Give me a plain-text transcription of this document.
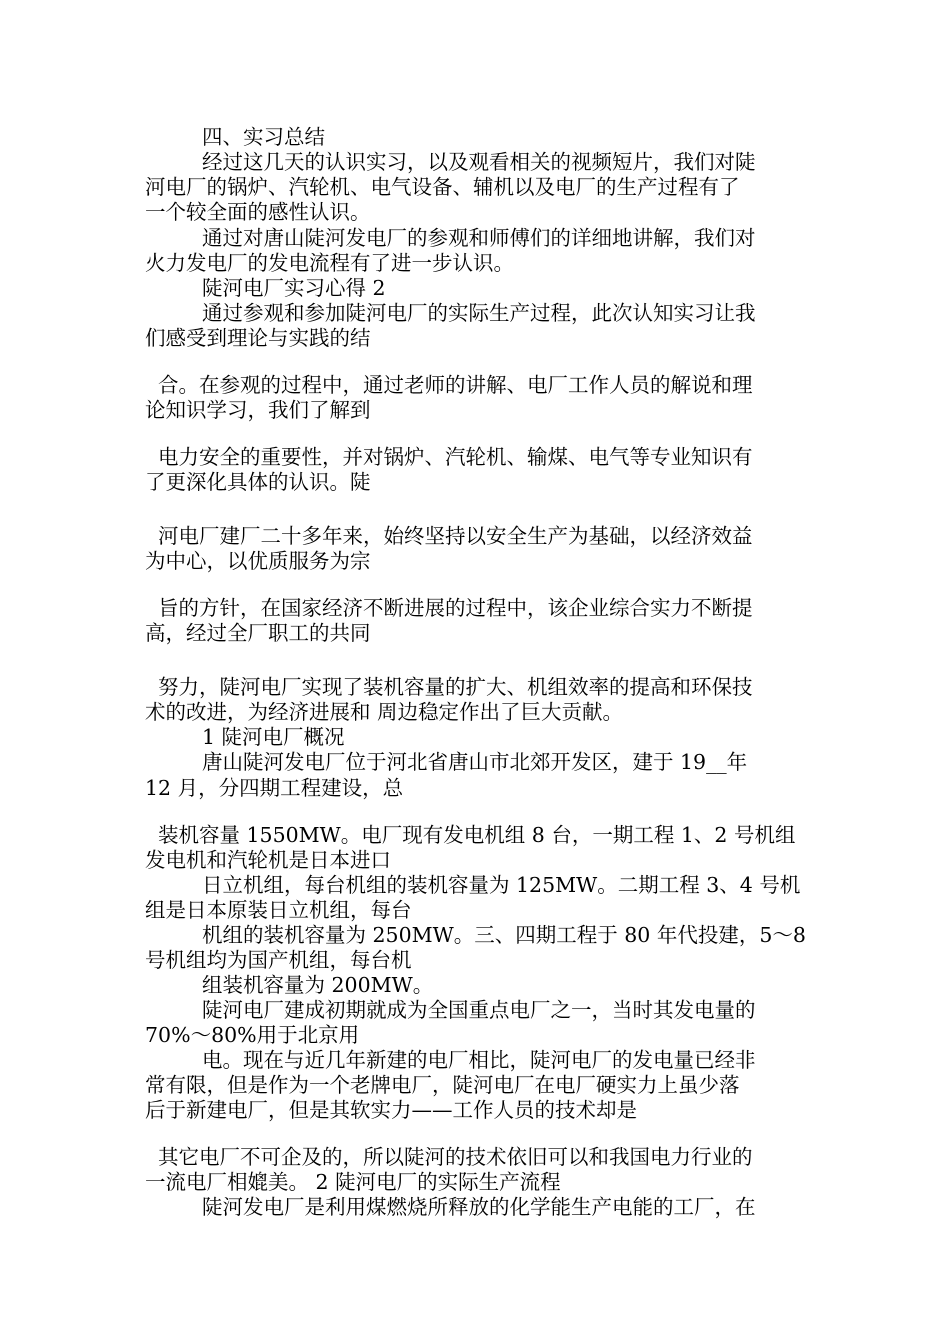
四、实习总结
经过这几天的认识实习，以及观看相关的视频短片，我们对陡
河电厂的锅炉、汽轮机、电气设备、辅机以及电厂的生产过程有了
一个较全面的感性认识。
通过对唐山陡河发电厂的参观和师傅们的详细地讲解，我们对
火力发电厂的发电流程有了进一步认识。
陡河电厂实习心得 2
通过参观和参加陡河电厂的实际生产过程，此次认知实习让我
们感受到理论与实践的结
合。在参观的过程中，通过老师的讲解、电厂工作人员的解说和理
论知识学习，我们了解到
电力安全的重要性，并对锅炉、汽轮机、输煤、电气等专业知识有
了更深化具体的认识。陡
河电厂建厂二十多年来，始终坚持以安全生产为基础，以经济效益
为中心，以优质服务为宗
旨的方针，在国家经济不断进展的过程中，该企业综合实力不断提
高，经过全厂职工的共同
努力，陡河电厂实现了装机容量的扩大、机组效率的提高和环保技
术的改进，为经济进展和 周边稳定作出了巨大贡献。
1 陡河电厂概况
唐山陡河发电厂位于河北省唐山市北郊开发区，建于 19__年
12 月，分四期工程建设，总
装机容量 1550MW。电厂现有发电机组 8 台，一期工程 1、2 号机组
发电机和汽轮机是日本进口
日立机组，每台机组的装机容量为 125MW。二期工程 3、4 号机
组是日本原装日立机组，每台
机组的装机容量为 250MW。三、四期工程于 80 年代投建，5～8
号机组均为国产机组，每台机
组装机容量为 200MW。
陡河电厂建成初期就成为全国重点电厂之一，当时其发电量的
70%～80%用于北京用
电。现在与近几年新建的电厂相比，陡河电厂的发电量已经非
常有限，但是作为一个老牌电厂，陡河电厂在电厂硬实力上虽少落
后于新建电厂，但是其软实力——工作人员的技术却是
其它电厂不可企及的，所以陡河的技术依旧可以和我国电力行业的
一流电厂相媲美。 2 陡河电厂的实际生产流程
陡河发电厂是利用煤燃烧所释放的化学能生产电能的工厂，在
